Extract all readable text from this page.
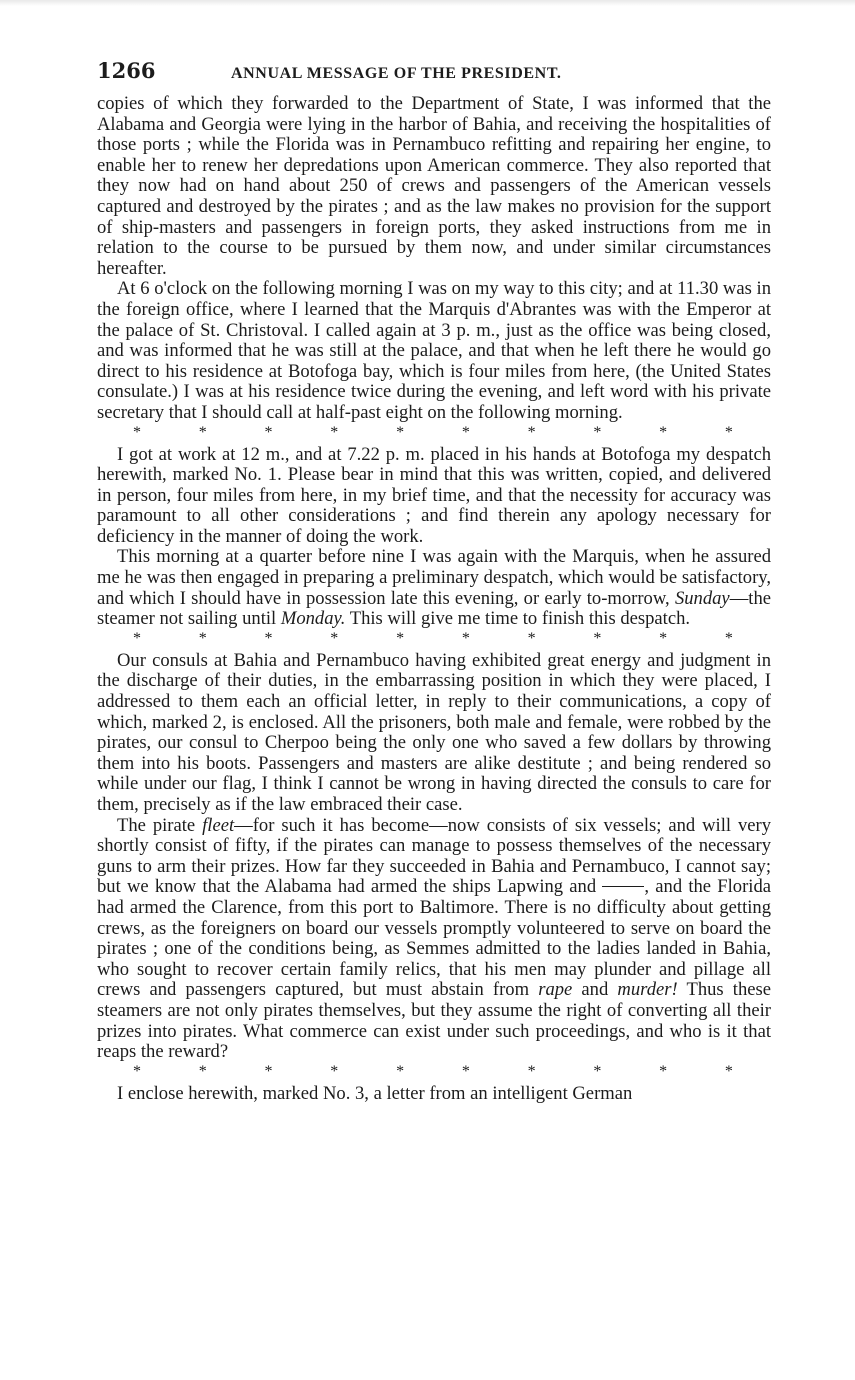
1266	ANNUAL MESSAGE OF THE PRESIDENT.

copies of which they forwarded to the Department of State, I was informed that the Alabama and Georgia were lying in the harbor of Bahia, and receiving the hospitalities of those ports ; while the Florida was in Pernambuco refitting and repairing her engine, to enable her to renew her depredations upon American commerce. They also reported that they now had on hand about 250 of crews and passengers of the American vessels captured and destroyed by the pirates ; and as the law makes no provision for the support of ship-masters and passengers in foreign ports, they asked instructions from me in relation to the course to be pursued by them now, and under similar circumstances hereafter.

At 6 o'clock on the following morning I was on my way to this city; and at 11.30 was in the foreign office, where I learned that the Marquis d'Abrantes was with the Emperor at the palace of St. Christoval. I called again at 3 p. m., just as the office was being closed, and was informed that he was still at the palace, and that when he left there he would go direct to his residence at Botofoga bay, which is four miles from here, (the United States consulate.) I was at his residence twice during the evening, and left word with his private secretary that I should call at half-past eight on the following morning.

*	*	*	*	*	*	*	*	*	*

I got at work at 12 m., and at 7.22 p. m. placed in his hands at Botofoga my despatch herewith, marked No. 1. Please bear in mind that this was written, copied, and delivered in person, four miles from here, in my brief time, and that the necessity for accuracy was paramount to all other considerations ; and find therein any apology necessary for deficiency in the manner of doing the work.

This morning at a quarter before nine I was again with the Marquis, when he assured me he was then engaged in preparing a preliminary despatch, which would be satisfactory, and which I should have in possession late this evening, or early to-morrow, Sunday—the steamer not sailing until Monday. This will give me time to finish this despatch.

*	*	*	*	*	*	*	*	*	*

Our consuls at Bahia and Pernambuco having exhibited great energy and judgment in the discharge of their duties, in the embarrassing position in which they were placed, I addressed to them each an official letter, in reply to their communications, a copy of which, marked 2, is enclosed. All the prisoners, both male and female, were robbed by the pirates, our consul to Cherpoo being the only one who saved a few dollars by throwing them into his boots. Passengers and masters are alike destitute ; and being rendered so while under our flag, I think I cannot be wrong in having directed the consuls to care for them, precisely as if the law embraced their case.

The pirate fleet—for such it has become—now consists of six vessels; and will very shortly consist of fifty, if the pirates can manage to possess themselves of the necessary guns to arm their prizes. How far they succeeded in Bahia and Pernambuco, I cannot say; but we know that the Alabama had armed the ships Lapwing and , and the Florida had armed the Clarence, from this port to Baltimore. There is no difficulty about getting crews, as the foreigners on board our vessels promptly volunteered to serve on board the pirates ; one of the conditions being, as Semmes admitted to the ladies landed in Bahia, who sought to recover certain family relics, that his men may plunder and pillage all crews and passengers captured, but must abstain from rape and murder! Thus these steamers are not only pirates themselves, but they assume the right of converting all their prizes into pirates. What commerce can exist under such proceedings, and who is it that reaps the reward?

*	*	*	*	*	*	*	*	*	*

I enclose herewith, marked No. 3, a letter from an intelligent German
